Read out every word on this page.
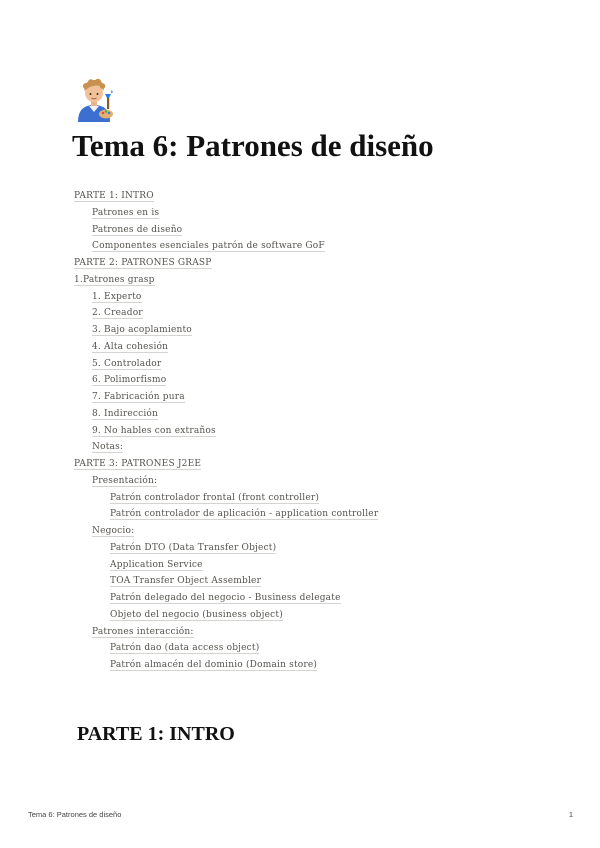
Tema 6: Patrones de diseño
PARTE 1: INTRO
Patrones en is
Patrones de diseño
Componentes esenciales patrón de software GoF
PARTE 2: PATRONES GRASP
1.Patrones grasp
1. Experto
2. Creador
3. Bajo acoplamiento
4. Alta cohesión
5. Controlador
6. Polimorfismo
7. Fabricación pura
8. Indirección
9. No hables con extraños
Notas:
PARTE 3: PATRONES J2EE
Presentación:
Patrón controlador frontal (front controller)
Patrón controlador de aplicación - application controller
Negocio:
Patrón DTO (Data Transfer Object)
Application Service
TOA Transfer Object Assembler
Patrón delegado del negocio - Business delegate
Objeto del negocio (business object)
Patrones interacción:
Patrón dao (data access object)
Patrón almacén del dominio (Domain store)
PARTE 1: INTRO
Tema 6: Patrones de diseño	1
